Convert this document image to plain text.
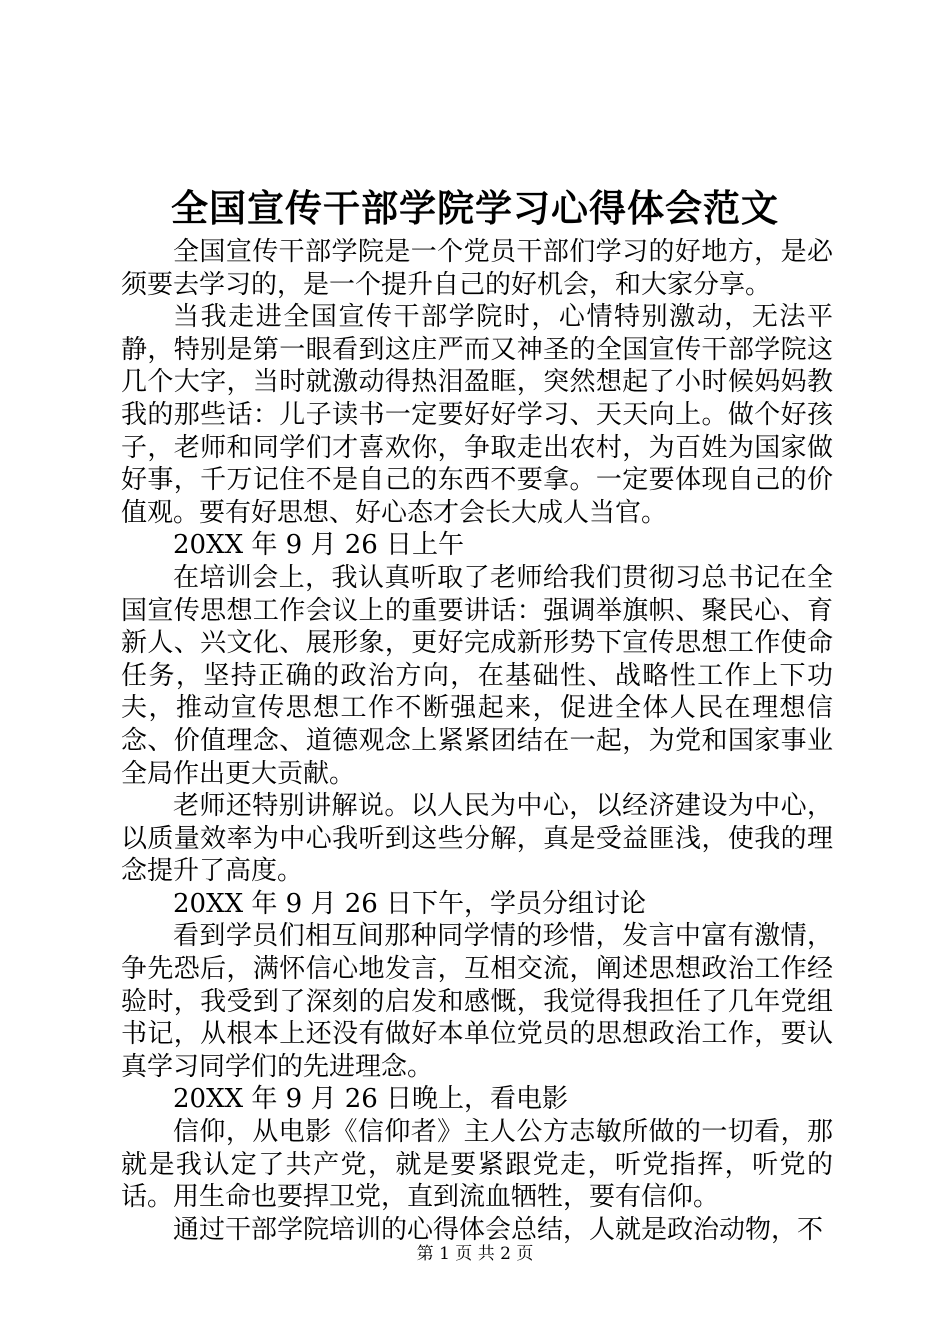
全国宣传干部学院学习心得体会范文

全国宣传干部学院是一个党员干部们学习的好地方，是必须要去学习的，是一个提升自己的好机会，和大家分享。

当我走进全国宣传干部学院时，心情特别激动，无法平静，特别是第一眼看到这庄严而又神圣的全国宣传干部学院这几个大字，当时就激动得热泪盈眶，突然想起了小时候妈妈教我的那些话：儿子读书一定要好好学习、天天向上。做个好孩子，老师和同学们才喜欢你，争取走出农村，为百姓为国家做好事，千万记住不是自己的东西不要拿。一定要体现自己的价值观。要有好思想、好心态才会长大成人当官。

20XX 年 9 月 26 日上午

在培训会上，我认真听取了老师给我们贯彻习总书记在全国宣传思想工作会议上的重要讲话：强调举旗帜、聚民心、育新人、兴文化、展形象，更好完成新形势下宣传思想工作使命任务，坚持正确的政治方向，在基础性、战略性工作上下功夫，推动宣传思想工作不断强起来，促进全体人民在理想信念、价值理念、道德观念上紧紧团结在一起，为党和国家事业全局作出更大贡献。

老师还特别讲解说。以人民为中心，以经济建设为中心，以质量效率为中心我听到这些分解，真是受益匪浅，使我的理念提升了高度。

20XX 年 9 月 26 日下午，学员分组讨论

看到学员们相互间那种同学情的珍惜，发言中富有激情，争先恐后，满怀信心地发言，互相交流，阐述思想政治工作经验时，我受到了深刻的启发和感慨，我觉得我担任了几年党组书记，从根本上还没有做好本单位党员的思想政治工作，要认真学习同学们的先进理念。

20XX 年 9 月 26 日晚上，看电影

信仰，从电影《信仰者》主人公方志敏所做的一切看，那就是我认定了共产党，就是要紧跟党走，听党指挥，听党的话。用生命也要捍卫党，直到流血牺牲，要有信仰。

通过干部学院培训的心得体会总结，人就是政治动物，不

第 1 页 共 2 页
